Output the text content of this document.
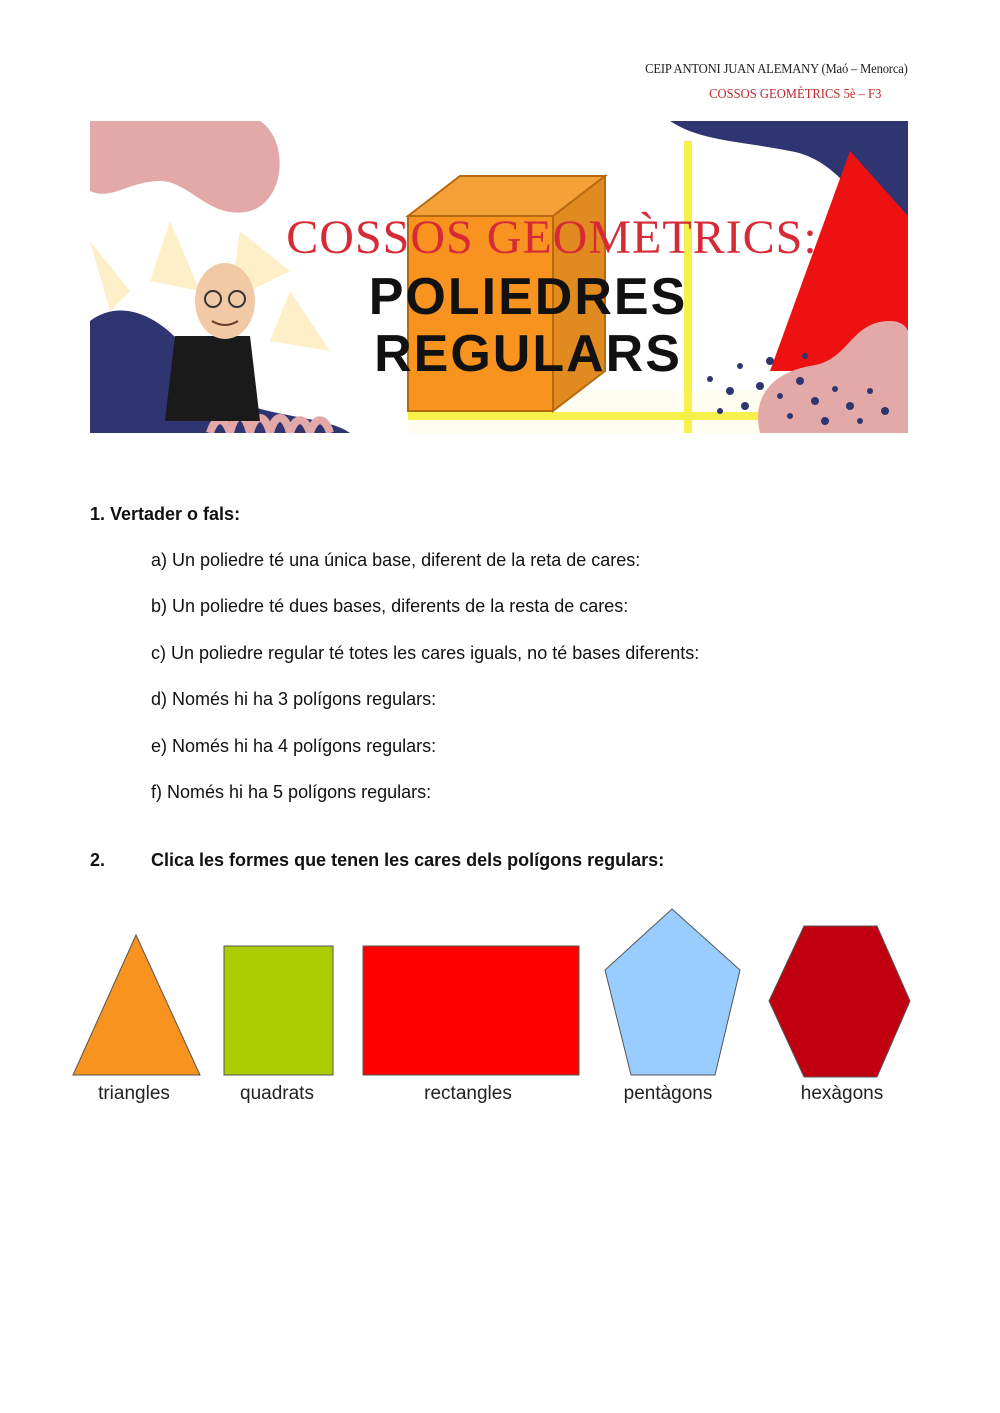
CEIP ANTONI JUAN ALEMANY (Maó – Menorca)
COSSOS GEOMÈTRICS 5è – F3
COSSOS GEOMÈTRICS:
POLIEDRES
REGULARS
1. Vertader o fals:
a) Un poliedre té una única base, diferent de la reta de cares:
b) Un poliedre té dues bases, diferents de la resta de cares:
c) Un poliedre regular té totes les cares iguals, no té bases diferents:
d) Només hi ha 3 polígons regulars:
e) Només hi ha 4 polígons regulars:
f) Només hi ha 5 polígons regulars:
2.	Clica les formes que tenen les cares dels polígons regulars:
triangles	quadrats	rectangles	pentàgons	hexàgons
